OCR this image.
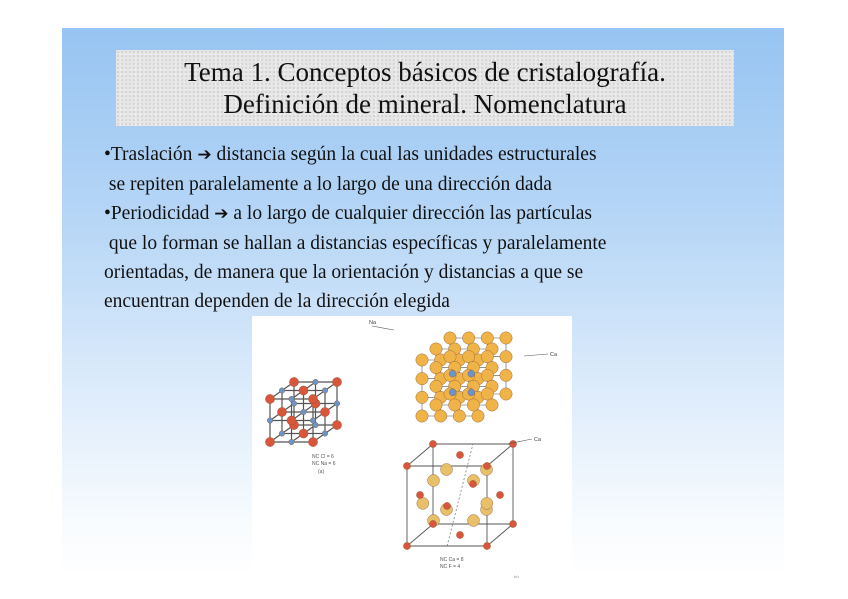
Tema 1. Conceptos básicos de cristalografía.
Definición de mineral. Nomenclatura
•Traslación ➔ distancia según la cual las unidades estructurales
se repiten paralelamente a lo largo de una dirección dada
•Periodicidad ➔ a lo largo de cualquier dirección las partículas
que lo forman se hallan a distancias específicas y paralelamente
orientadas, de manera que la orientación y distancias a que se
encuentran dependen de la dirección elegida
Na
Ca
Ca
NC Cl = 6
NC Na = 6
(a)
NC Ca = 8
NC F = 4
(c)
